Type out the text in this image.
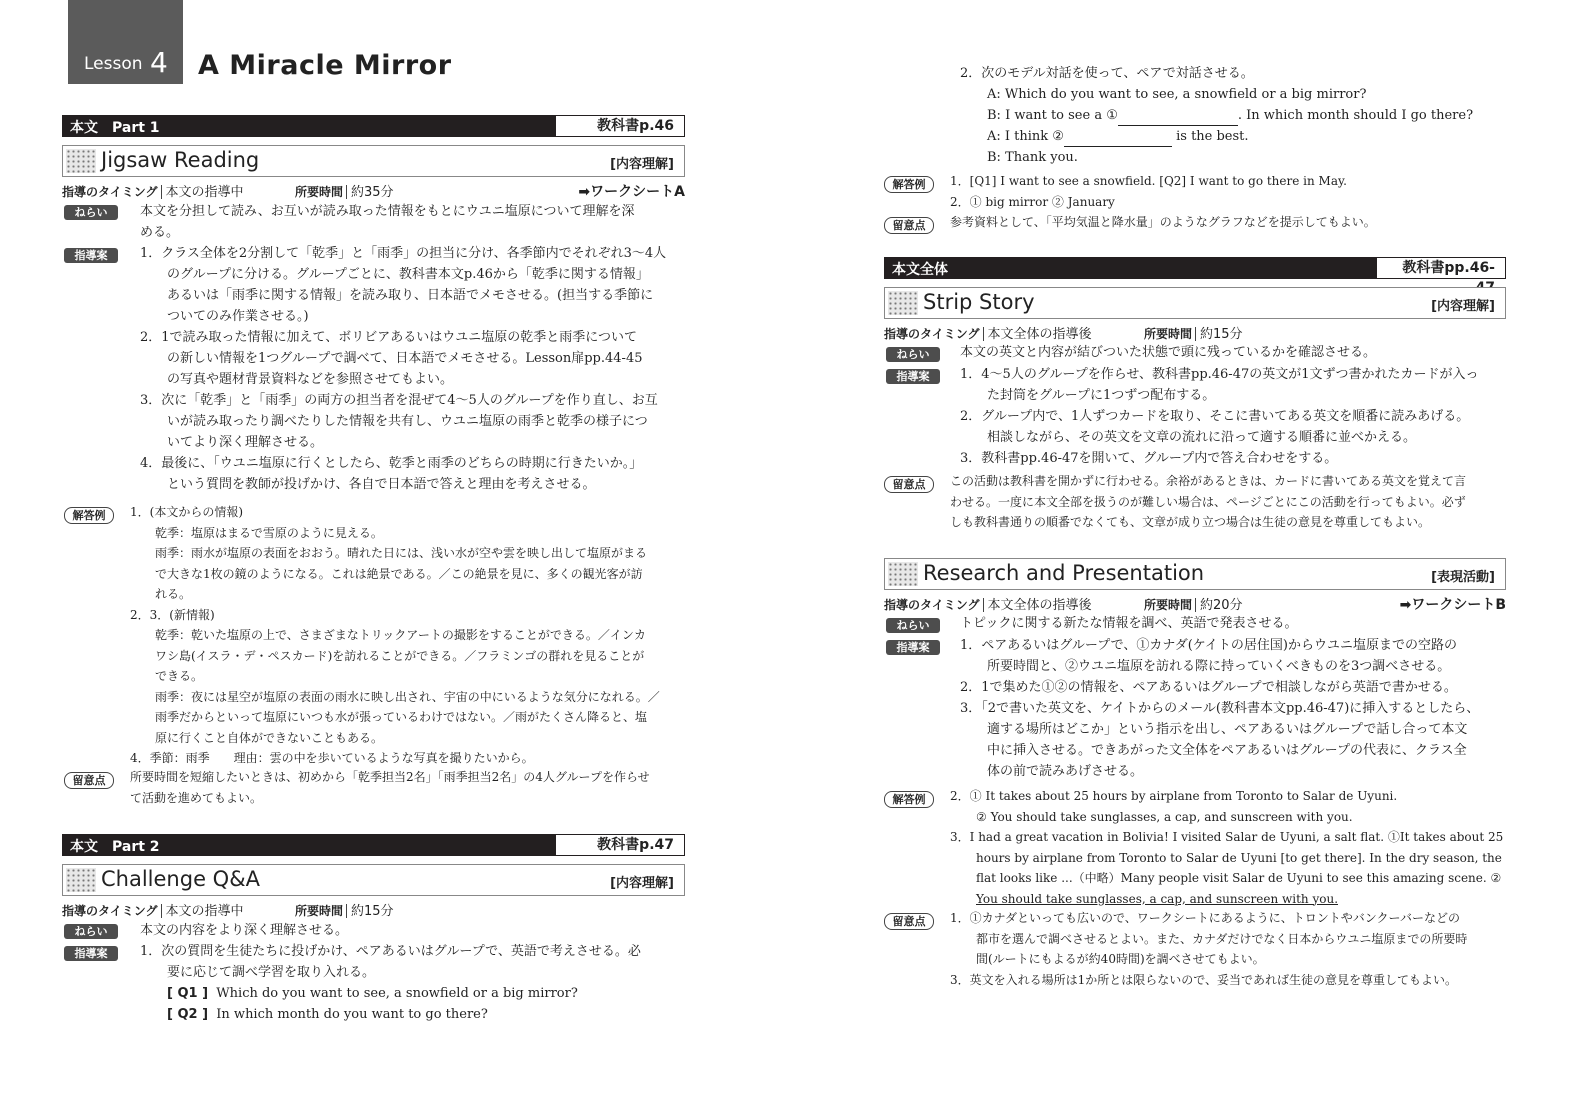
Lesson 4 A Miracle Mirror
本文　Part 1	教科書p.46
Jigsaw Reading	[内容理解]
指導のタイミング 本文の指導中	所要時間 約35分	➡ワークシートA
ねらい	本文を分担して読み、お互いが読み取った情報をもとにウユニ塩原について理解を深
める。
指導案	1．クラス全体を2分割して「乾季」と「雨季」の担当に分け、各季節内でそれぞれ3〜4人
のグループに分ける。グループごとに、教科書本文p.46から「乾季に関する情報」
あるいは「雨季に関する情報」を読み取り、日本語でメモさせる。(担当する季節に
ついてのみ作業させる。)
2．1で読み取った情報に加えて、ボリビアあるいはウユニ塩原の乾季と雨季について
の新しい情報を1つグループで調べて、日本語でメモさせる。Lesson扉pp.44-45
の写真や題材背景資料などを参照させてもよい。
3．次に「乾季」と「雨季」の両方の担当者を混ぜて4〜5人のグループを作り直し、お互
いが読み取ったり調べたりした情報を共有し、ウユニ塩原の雨季と乾季の様子につ
いてより深く理解させる。
4．最後に、「ウユニ塩原に行くとしたら、乾季と雨季のどちらの時期に行きたいか。」
という質問を教師が投げかけ、各自で日本語で答えと理由を考えさせる。
解答例	1．(本文からの情報)
乾季：塩原はまるで雪原のように見える。
雨季：雨水が塩原の表面をおおう。晴れた日には、浅い水が空や雲を映し出して塩原がまる
で大きな1枚の鏡のようになる。これは絶景である。／この絶景を見に、多くの観光客が訪
れる。
2．3．(新情報)
乾季：乾いた塩原の上で、さまざまなトリックアートの撮影をすることができる。／インカ
ワシ島(イスラ・デ・ペスカード)を訪れることができる。／フラミンゴの群れを見ることが
できる。
雨季：夜には星空が塩原の表面の雨水に映し出され、宇宙の中にいるような気分になれる。／
雨季だからといって塩原にいつも水が張っているわけではない。／雨がたくさん降ると、塩
原に行くこと自体ができないこともある。
4．季節：雨季　　理由：雲の中を歩いているような写真を撮りたいから。
留意点	所要時間を短縮したいときは、初めから「乾季担当2名」「雨季担当2名」の4人グループを作らせ
て活動を進めてもよい。
本文　Part 2	教科書p.47
Challenge Q&A	[内容理解]
指導のタイミング 本文の指導中	所要時間 約15分
ねらい	本文の内容をより深く理解させる。
指導案	1．次の質問を生徒たちに投げかけ、ペアあるいはグループで、英語で考えさせる。必
要に応じて調べ学習を取り入れる。
[ Q1 ] Which do you want to see, a snowfield or a big mirror?
[ Q2 ] In which month do you want to go there?
2．次のモデル対話を使って、ペアで対話させる。
A: Which do you want to see, a snowfield or a big mirror?
B: I want to see a ①	. In which month should I go there?
A: I think ②	is the best.
B: Thank you.
解答例	1．[Q1] I want to see a snowfield. [Q2] I want to go there in May.
2．① big mirror ② January
留意点	参考資料として、「平均気温と降水量」のようなグラフなどを提示してもよい。
本文全体	教科書pp.46-
Strip Story	[内容理解]
指導のタイミング 本文全体の指導後	所要時間 約15分
ねらい	本文の英文と内容が結びついた状態で頭に残っているかを確認させる。
指導案	1．4〜5人のグループを作らせ、教科書pp.46-47の英文が1文ずつ書かれたカードが入っ
た封筒をグループに1つずつ配布する。
2．グループ内で、1人ずつカードを取り、そこに書いてある英文を順番に読みあげる。
相談しながら、その英文を文章の流れに沿って適する順番に並べかえる。
3．教科書pp.46-47を開いて、グループ内で答え合わせをする。
留意点	この活動は教科書を開かずに行わせる。余裕があるときは、カードに書いてある英文を覚えて言
わせる。一度に本文全部を扱うのが難しい場合は、ページごとにこの活動を行ってもよい。必ず
しも教科書通りの順番でなくても、文章が成り立つ場合は生徒の意見を尊重してもよい。
Research and Presentation	[表現活動]
指導のタイミング 本文全体の指導後	所要時間 約20分	➡ワークシートB
ねらい	トピックに関する新たな情報を調べ、英語で発表させる。
指導案	1．ペアあるいはグループで、①カナダ(ケイトの居住国)からウユニ塩原までの空路の
所要時間と、②ウユニ塩原を訪れる際に持っていくべきものを3つ調べさせる。
2．1で集めた①②の情報を、ペアあるいはグループで相談しながら英語で書かせる。
3．「2で書いた英文を、ケイトからのメール(教科書本文pp.46-47)に挿入するとしたら、
適する場所はどこか」という指示を出し、ペアあるいはグループで話し合って本文
中に挿入させる。できあがった文全体をペアあるいはグループの代表に、クラス全
体の前で読みあげさせる。
解答例	2．① It takes about 25 hours by airplane from Toronto to Salar de Uyuni.
② You should take sunglasses, a cap, and sunscreen with you.
3．I had a great vacation in Bolivia! I visited Salar de Uyuni, a salt flat. ①It takes about 25
hours by airplane from Toronto to Salar de Uyuni [to get there]. In the dry season, the
flat looks like ...（中略）Many people visit Salar de Uyuni to see this amazing scene. ②
You should take sunglasses, a cap, and sunscreen with you.
留意点	1．①カナダといっても広いので、ワークシートにあるように、トロントやバンクーバーなどの
都市を選んで調べさせるとよい。また、カナダだけでなく日本からウユニ塩原までの所要時
間(ルートにもよるが約40時間)を調べさせてもよい。
3．英文を入れる場所は1か所とは限らないので、妥当であれば生徒の意見を尊重してもよい。
